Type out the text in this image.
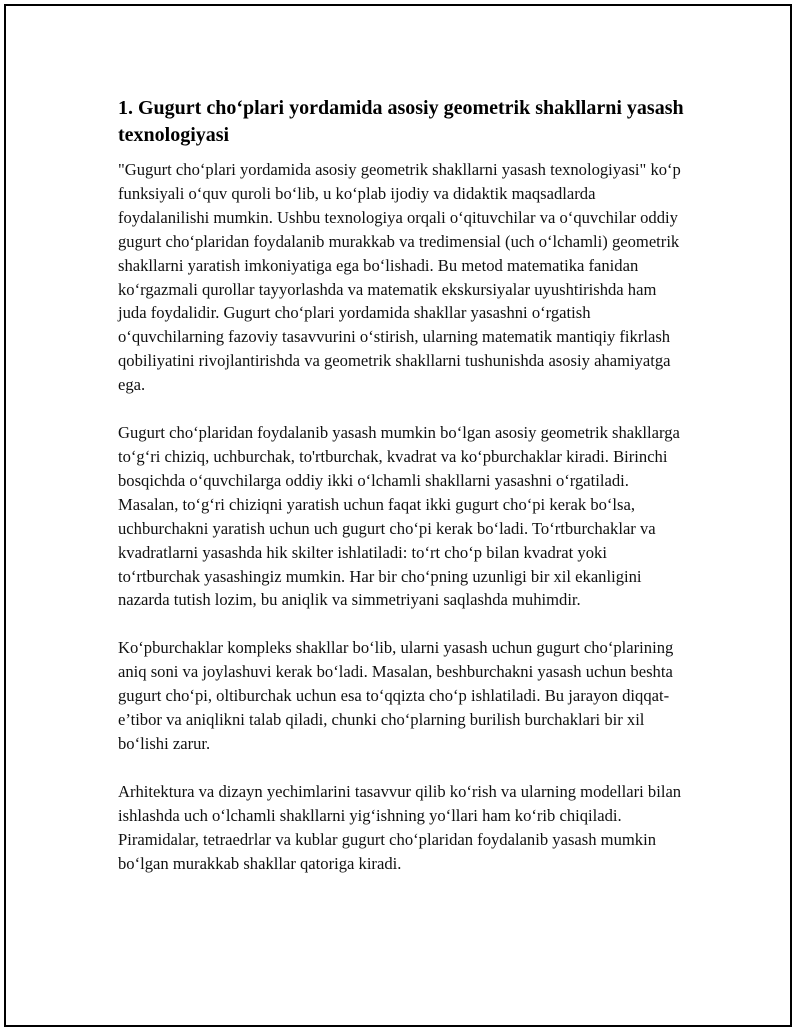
1. Gugurt cho‘plari yordamida asosiy geometrik shakllarni yasash texnologiyasi

"Gugurt cho‘plari yordamida asosiy geometrik shakllarni yasash texnologiyasi" ko‘p funksiyali o‘quv quroli bo‘lib, u ko‘plab ijodiy va didaktik maqsadlarda foydalanilishi mumkin. Ushbu texnologiya orqali o‘qituvchilar va o‘quvchilar oddiy gugurt cho‘plaridan foydalanib murakkab va tredimensial (uch o‘lchamli) geometrik shakllarni yaratish imkoniyatiga ega bo‘lishadi. Bu metod matematika fanidan ko‘rgazmali qurollar tayyorlashda va matematik ekskursiyalar uyushtirishda ham juda foydalidir. Gugurt cho‘plari yordamida shakllar yasashni o‘rgatish o‘quvchilarning fazoviy tasavvurini o‘stirish, ularning matematik mantiqiy fikrlash qobiliyatini rivojlantirishda va geometrik shakllarni tushunishda asosiy ahamiyatga ega.

Gugurt cho‘plaridan foydalanib yasash mumkin bo‘lgan asosiy geometrik shakllarga to‘g‘ri chiziq, uchburchak, to'rtburchak, kvadrat va ko‘pburchaklar kiradi. Birinchi bosqichda o‘quvchilarga oddiy ikki o‘lchamli shakllarni yasashni o‘rgatiladi. Masalan, to‘g‘ri chiziqni yaratish uchun faqat ikki gugurt cho‘pi kerak bo‘lsa, uchburchakni yaratish uchun uch gugurt cho‘pi kerak bo‘ladi. To‘rtburchaklar va kvadratlarni yasashda hik skilter ishlatiladi: to‘rt cho‘p bilan kvadrat yoki to‘rtburchak yasashingiz mumkin. Har bir cho‘pning uzunligi bir xil ekanligini nazarda tutish lozim, bu aniqlik va simmetriyani saqlashda muhimdir.

Ko‘pburchaklar kompleks shakllar bo‘lib, ularni yasash uchun gugurt cho‘plarining aniq soni va joylashuvi kerak bo‘ladi. Masalan, beshburchakni yasash uchun beshta gugurt cho‘pi, oltiburchak uchun esa to‘qqizta cho‘p ishlatiladi. Bu jarayon diqqat-e’tibor va aniqlikni talab qiladi, chunki cho‘plarning burilish burchaklari bir xil bo‘lishi zarur.

Arhitektura va dizayn yechimlarini tasavvur qilib ko‘rish va ularning modellari bilan ishlashda uch o‘lchamli shakllarni yig‘ishning yo‘llari ham ko‘rib chiqiladi. Piramidalar, tetraedrlar va kublar gugurt cho‘plaridan foydalanib yasash mumkin bo‘lgan murakkab shakllar qatoriga kiradi.
